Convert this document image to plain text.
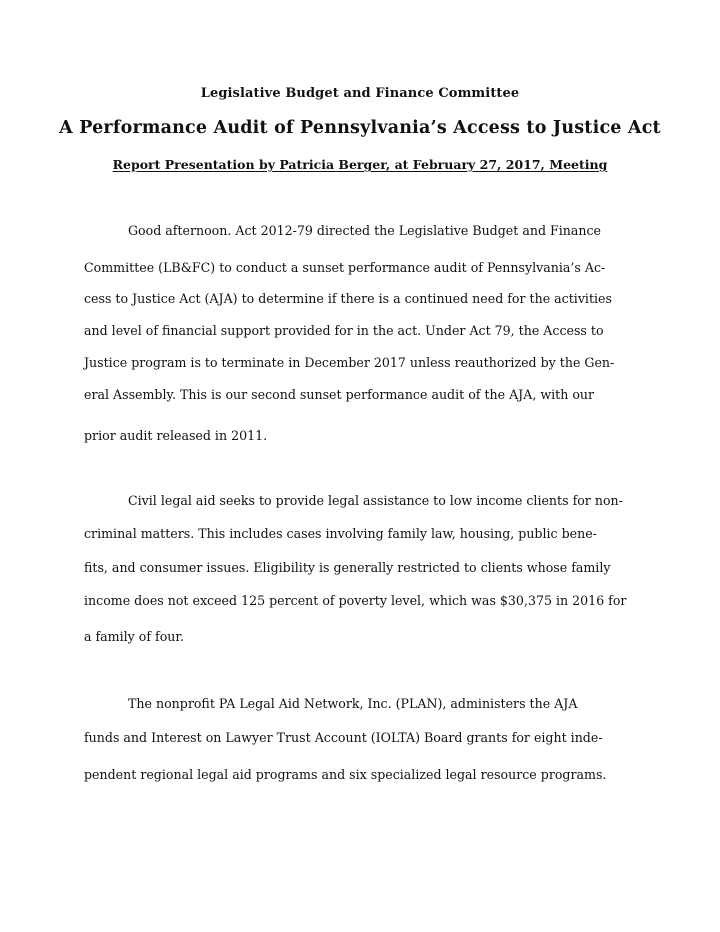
Legislative Budget and Finance Committee
A Performance Audit of Pennsylvania’s Access to Justice Act
Report Presentation by Patricia Berger, at February 27, 2017, Meeting
Good afternoon. Act 2012-79 directed the Legislative Budget and Finance
Committee (LB&FC) to conduct a sunset performance audit of Pennsylvania’s Ac-
cess to Justice Act (AJA) to determine if there is a continued need for the activities
and level of financial support provided for in the act. Under Act 79, the Access to
Justice program is to terminate in December 2017 unless reauthorized by the Gen-
eral Assembly. This is our second sunset performance audit of the AJA, with our
prior audit released in 2011.
Civil legal aid seeks to provide legal assistance to low income clients for non-
criminal matters. This includes cases involving family law, housing, public bene-
fits, and consumer issues. Eligibility is generally restricted to clients whose family
income does not exceed 125 percent of poverty level, which was $30,375 in 2016 for
a family of four.
The nonprofit PA Legal Aid Network, Inc. (PLAN), administers the AJA
funds and Interest on Lawyer Trust Account (IOLTA) Board grants for eight inde-
pendent regional legal aid programs and six specialized legal resource programs.
